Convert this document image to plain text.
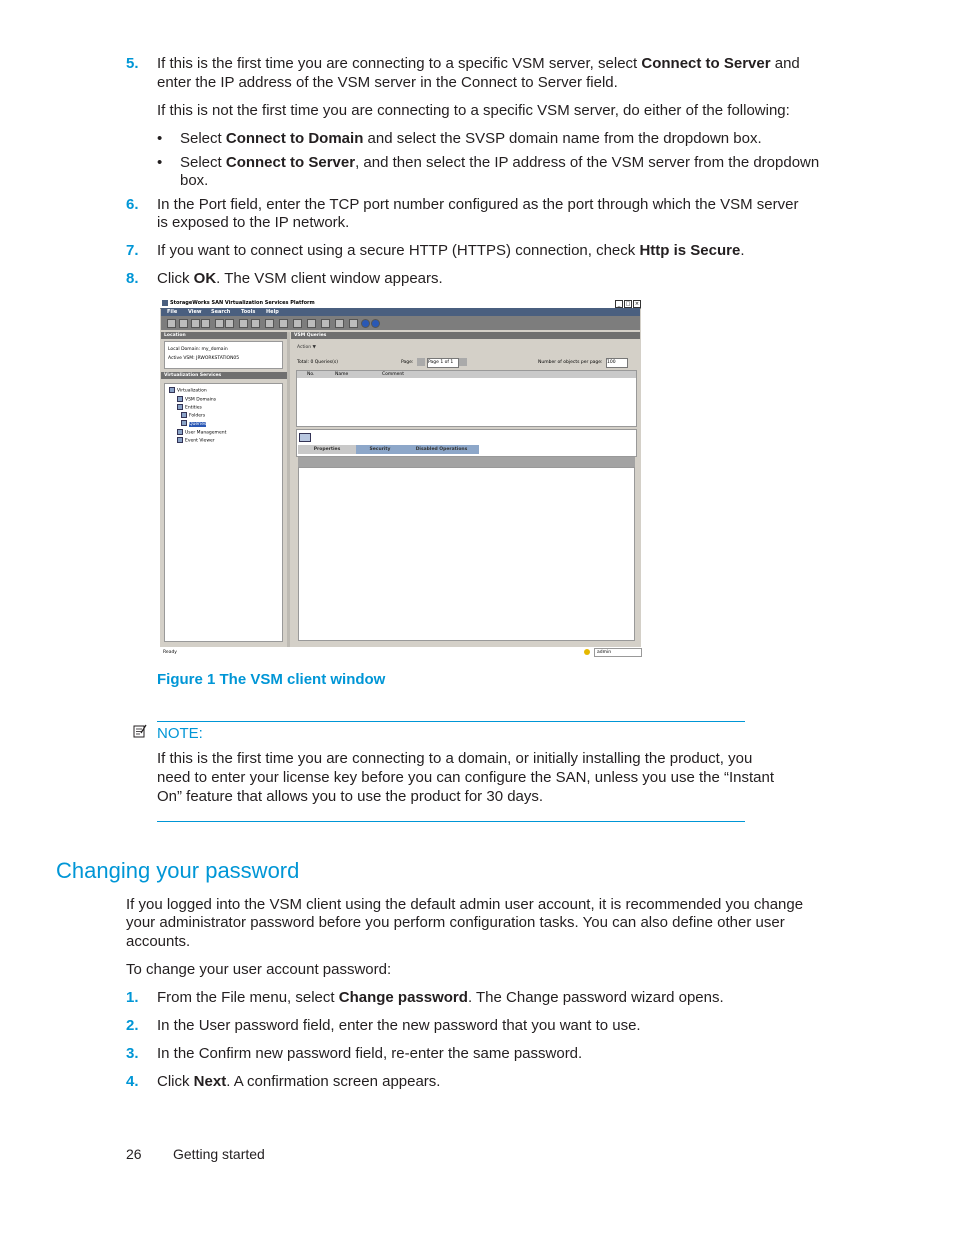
5. If this is the first time you are connecting to a specific VSM server, select Connect to Server and
enter the IP address of the VSM server in the Connect to Server field.
If this is not the first time you are connecting to a specific VSM server, do either of the following:
• Select Connect to Domain and select the SVSP domain name from the dropdown box.
• Select Connect to Server, and then select the IP address of the VSM server from the dropdown
box.
6. In the Port field, enter the TCP port number configured as the port through which the VSM server
is exposed to the IP network.
7. If you want to connect using a secure HTTP (HTTPS) connection, check Http is Secure.
8. Click OK. The VSM client window appears.
StorageWorks SAN Virtualization Services Platform	_	□ ×
File View Search Tools Help
Location
Local Domain: my_domain
Active VSM: JRWORKSTATION05
Virtualization Services
Virtualization
VSM Domains
Entities
Folders
Queries
User Management
Event Viewer
VSM Queries
Action ▼
Total: 0 Queries(s)	Page:	Page 1 of 1	Number of objects per page: 100
No.	Name	Comment
Properties	Security	Disabled Operations
Ready	admin
Figure 1 The VSM client window
NOTE:
If this is the first time you are connecting to a domain, or initially installing the product, you
need to enter your license key before you can configure the SAN, unless you use the “Instant
On” feature that allows you to use the product for 30 days.
Changing your password
If you logged into the VSM client using the default admin user account, it is recommended you change
your administrator password before you perform configuration tasks. You can also define other user
accounts.
To change your user account password:
1. From the File menu, select Change password. The Change password wizard opens.
2. In the User password field, enter the new password that you want to use.
3. In the Confirm new password field, re-enter the same password.
4. Click Next. A confirmation screen appears.
26 Getting started
